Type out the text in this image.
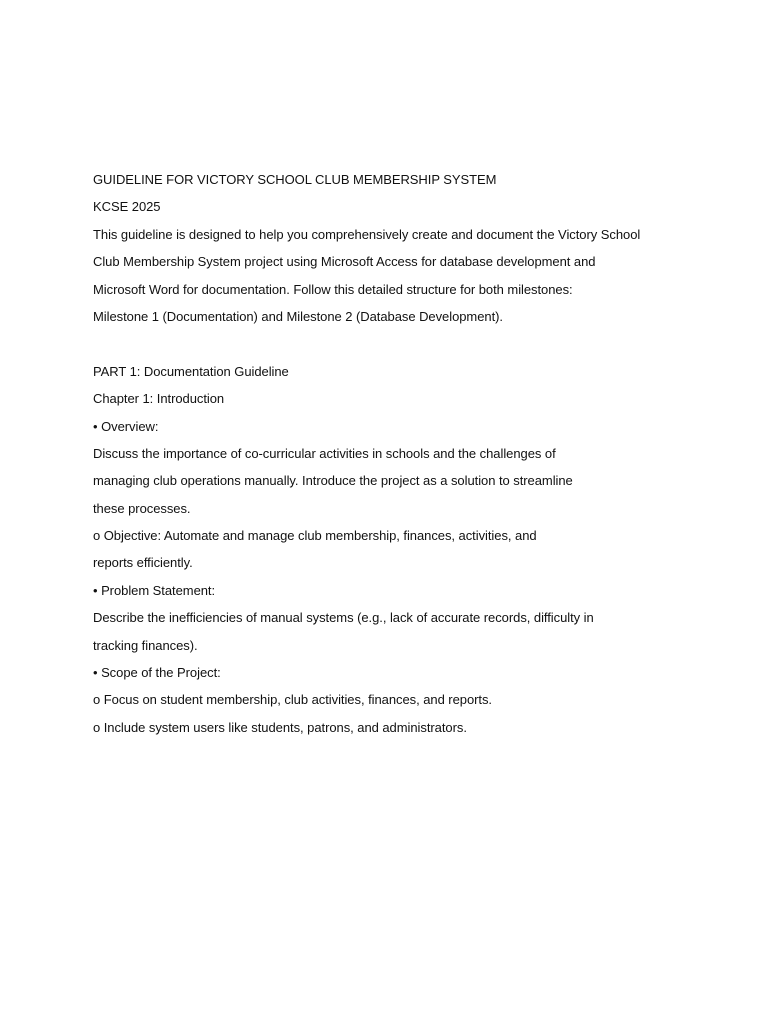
GUIDELINE FOR VICTORY SCHOOL CLUB MEMBERSHIP SYSTEM
KCSE 2025
This guideline is designed to help you comprehensively create and document the Victory School
Club Membership System project using Microsoft Access for database development and
Microsoft Word for documentation. Follow this detailed structure for both milestones:
Milestone 1 (Documentation) and Milestone 2 (Database Development).
PART 1: Documentation Guideline
Chapter 1: Introduction
• Overview:
Discuss the importance of co-curricular activities in schools and the challenges of
managing club operations manually. Introduce the project as a solution to streamline
these processes.
o Objective: Automate and manage club membership, finances, activities, and
reports efficiently.
• Problem Statement:
Describe the inefficiencies of manual systems (e.g., lack of accurate records, difficulty in
tracking finances).
• Scope of the Project:
o Focus on student membership, club activities, finances, and reports.
o Include system users like students, patrons, and administrators.
